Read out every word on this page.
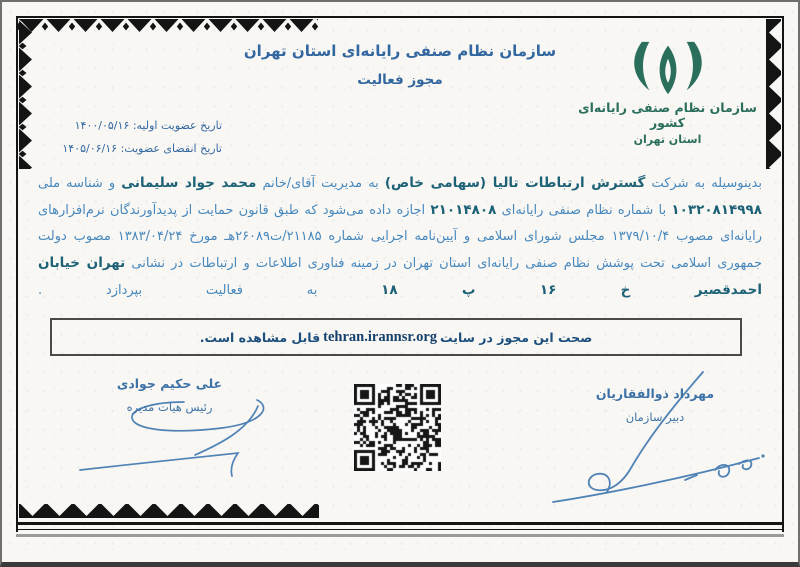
سازمان نظام صنفی رایانه‌ای استان تهران
مجوز فعالیت
سازمان نظام صنفی رایانه‌ای کشور
استان تهران
تاریخ عضویت اولیه: ۱۴۰۰/۰۵/۱۶
تاریخ انقضای عضویت: ۱۴۰۵/۰۶/۱۶

بدینوسیله به شرکت گسترش ارتباطات تالیا (سهامی خاص) به مدیریت آقای/خانم محمد جواد سلیمانی و شناسه ملی ۱۰۳۲۰۸۱۴۹۹۸ با شماره نظام صنفی رایانه‌ای ۲۱۰۱۴۸۰۸ اجازه داده می‌شود که طبق قانون حمایت از پدیدآورندگان نرم‌افزارهای رایانه‌ای مصوب ۱۳۷۹/۱۰/۴ مجلس شورای اسلامی و آیین‌نامه اجرایی شماره ۲۱۱۸۵/ت۲۶۰۸۹هـ مورخ ۱۳۸۳/۰۴/۲۴ مصوب دولت جمهوری اسلامی تحت پوشش نظام صنفی رایانه‌ای استان تهران در زمینه فناوری اطلاعات و ارتباطات در نشانی تهران خیابان احمدقصیر خ ۱۶ پ ۱۸ به فعالیت بپردازد .

صحت این مجوز در سایت
tehran.irannsr.org
قابل مشاهده است.
علی حکیم جوادی
رئیس هیات مدیره
مهرداد ذوالفقاریان
دبیر سازمان
